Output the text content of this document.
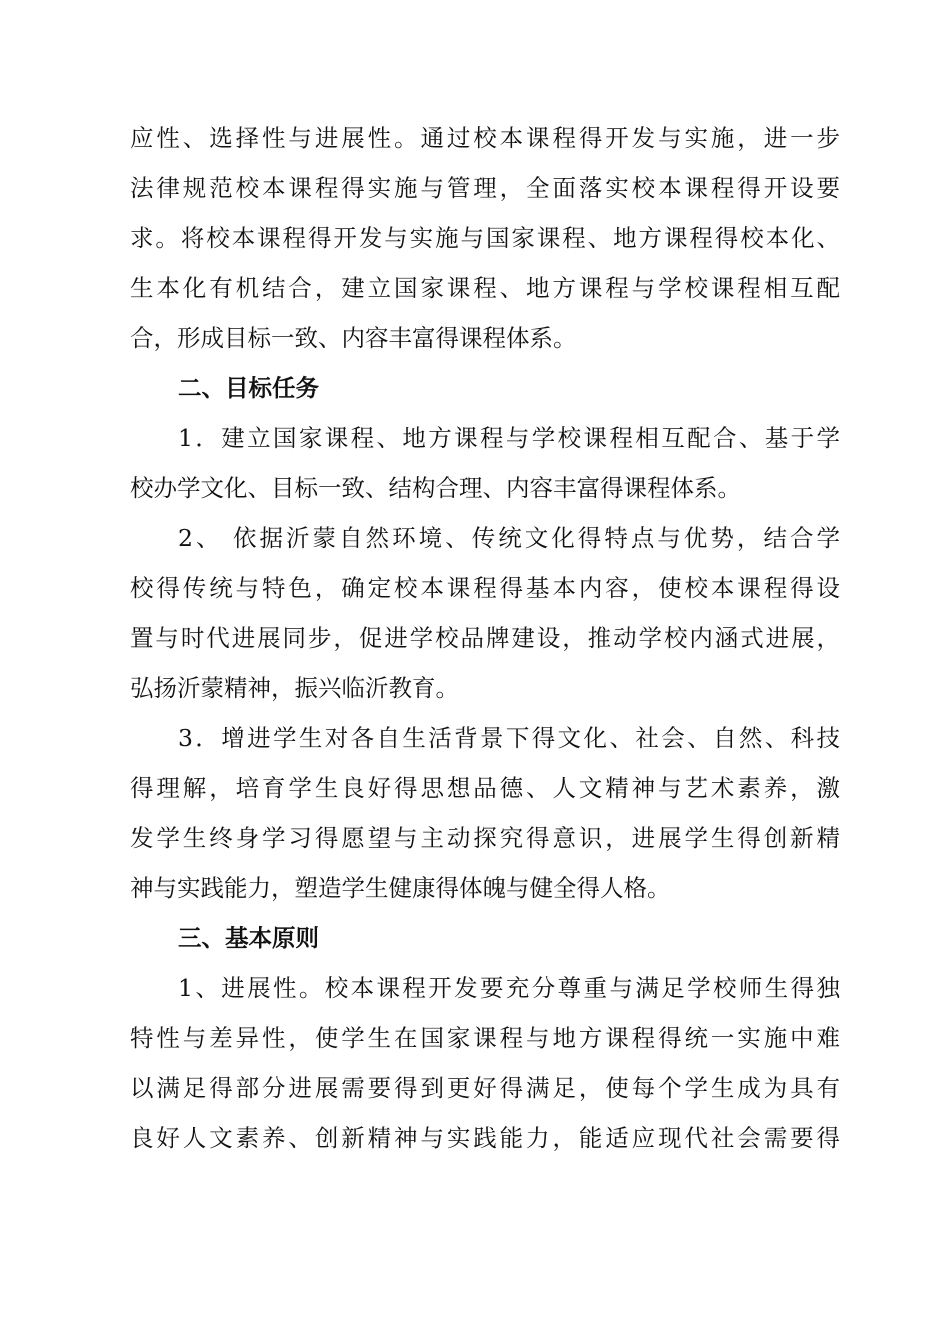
应性、选择性与进展性。通过校本课程得开发与实施，进一步
法律规范校本课程得实施与管理，全面落实校本课程得开设要
求。将校本课程得开发与实施与国家课程、地方课程得校本化、
生本化有机结合，建立国家课程、地方课程与学校课程相互配
合，形成目标一致、内容丰富得课程体系。
二、目标任务
1．建立国家课程、地方课程与学校课程相互配合、基于学
校办学文化、目标一致、结构合理、内容丰富得课程体系。
2、 依据沂蒙自然环境、传统文化得特点与优势，结合学
校得传统与特色，确定校本课程得基本内容，使校本课程得设
置与时代进展同步，促进学校品牌建设，推动学校内涵式进展，
弘扬沂蒙精神，振兴临沂教育。
3．增进学生对各自生活背景下得文化、社会、自然、科技
得理解，培育学生良好得思想品德、人文精神与艺术素养，激
发学生终身学习得愿望与主动探究得意识，进展学生得创新精
神与实践能力，塑造学生健康得体魄与健全得人格。
三、基本原则
1、进展性。校本课程开发要充分尊重与满足学校师生得独
特性与差异性，使学生在国家课程与地方课程得统一实施中难
以满足得部分进展需要得到更好得满足，使每个学生成为具有
良好人文素养、创新精神与实践能力，能适应现代社会需要得
